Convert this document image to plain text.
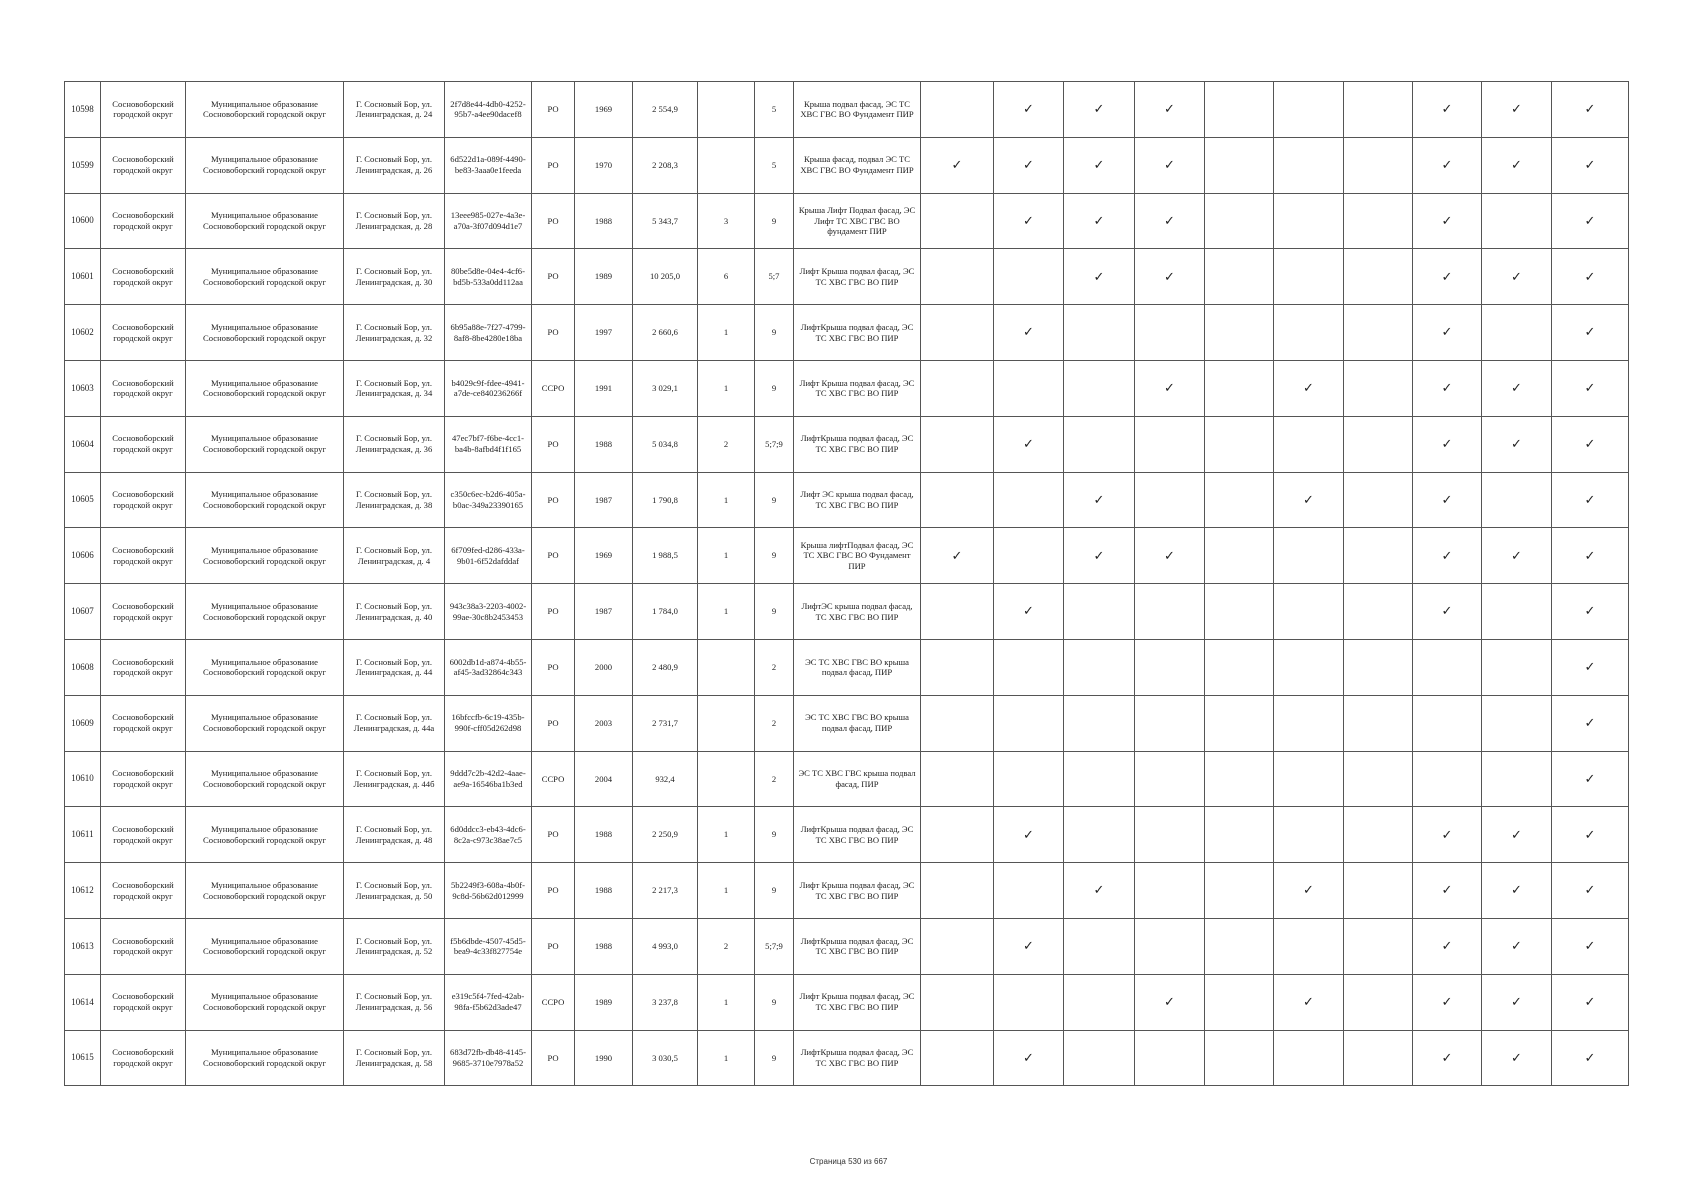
10598	Сосновоборский городской округ	Муниципальное образование Сосновоборский городской округ	Г. Сосновый Бор, ул. Ленинградская, д. 24	2f7d8e44-4db0-4252-95b7-a4ee90dacef8	РО	1969	2 554,9		5	Крыша подвал фасад, ЭС ТС ХВС ГВС ВО Фундамент ПИР		✓	✓	✓				✓	✓	✓
10599	Сосновоборский городской округ	Муниципальное образование Сосновоборский городской округ	Г. Сосновый Бор, ул. Ленинградская, д. 26	6d522d1a-089f-4490-be83-3aaa0e1feeda	РО	1970	2 208,3		5	Крыша фасад, подвал ЭС ТС ХВС ГВС ВО Фундамент ПИР	✓	✓	✓	✓				✓	✓	✓
10600	Сосновоборский городской округ	Муниципальное образование Сосновоборский городской округ	Г. Сосновый Бор, ул. Ленинградская, д. 28	13eee985-027e-4a3e-a70a-3f07d094d1e7	РО	1988	5 343,7	3	9	Крыша Лифт Подвал фасад, ЭС Лифт ТС ХВС ГВС ВО фундамент ПИР		✓	✓	✓				✓		✓
10601	Сосновоборский городской округ	Муниципальное образование Сосновоборский городской округ	Г. Сосновый Бор, ул. Ленинградская, д. 30	80be5d8e-04e4-4cf6-bd5b-533a0dd112aa	РО	1989	10 205,0	6	5;7	Лифт Крыша подвал фасад, ЭС ТС ХВС ГВС ВО ПИР			✓	✓				✓	✓	✓
10602	Сосновоборский городской округ	Муниципальное образование Сосновоборский городской округ	Г. Сосновый Бор, ул. Ленинградская, д. 32	6b95a88e-7f27-4799-8af8-8be4280e18ba	РО	1997	2 660,6	1	9	ЛифтКрыша подвал фасад, ЭС ТС ХВС ГВС ВО ПИР		✓						✓		✓
10603	Сосновоборский городской округ	Муниципальное образование Сосновоборский городской округ	Г. Сосновый Бор, ул. Ленинградская, д. 34	b4029c9f-fdee-4941-a7de-ce840236266f	ССРО	1991	3 029,1	1	9	Лифт Крыша подвал фасад, ЭС ТС ХВС ГВС ВО ПИР				✓		✓		✓	✓	✓
10604	Сосновоборский городской округ	Муниципальное образование Сосновоборский городской округ	Г. Сосновый Бор, ул. Ленинградская, д. 36	47ec7bf7-f6be-4cc1-ba4b-8afbd4f1f165	РО	1988	5 034,8	2	5;7;9	ЛифтКрыша подвал фасад, ЭС ТС ХВС ГВС ВО ПИР		✓						✓	✓	✓
10605	Сосновоборский городской округ	Муниципальное образование Сосновоборский городской округ	Г. Сосновый Бор, ул. Ленинградская, д. 38	c350c6ec-b2d6-405a-b0ac-349a23390165	РО	1987	1 790,8	1	9	Лифт ЭС крыша подвал фасад, ТС ХВС ГВС ВО ПИР			✓			✓		✓		✓
10606	Сосновоборский городской округ	Муниципальное образование Сосновоборский городской округ	Г. Сосновый Бор, ул. Ленинградская, д. 4	6f709fed-d286-433a-9b01-6f52dafddaf	РО	1969	1 988,5	1	9	Крыша лифтПодвал фасад, ЭС ТС ХВС ГВС ВО Фундамент ПИР	✓		✓	✓				✓	✓	✓
10607	Сосновоборский городской округ	Муниципальное образование Сосновоборский городской округ	Г. Сосновый Бор, ул. Ленинградская, д. 40	943c38a3-2203-4002-99ae-30c8b2453453	РО	1987	1 784,0	1	9	ЛифтЭС крыша подвал фасад, ТС ХВС ГВС ВО ПИР		✓						✓		✓
10608	Сосновоборский городской округ	Муниципальное образование Сосновоборский городской округ	Г. Сосновый Бор, ул. Ленинградская, д. 44	6002db1d-a874-4b55-af45-3ad32864c343	РО	2000	2 480,9		2	ЭС ТС ХВС ГВС ВО крыша подвал фасад, ПИР										✓
10609	Сосновоборский городской округ	Муниципальное образование Сосновоборский городской округ	Г. Сосновый Бор, ул. Ленинградская, д. 44а	16bfccfb-6c19-435b-990f-cff05d262d98	РО	2003	2 731,7		2	ЭС ТС ХВС ГВС ВО крыша подвал фасад, ПИР										✓
10610	Сосновоборский городской округ	Муниципальное образование Сосновоборский городской округ	Г. Сосновый Бор, ул. Ленинградская, д. 44б	9ddd7c2b-42d2-4aae-ae9a-16546ba1b3ed	ССРО	2004	932,4		2	ЭС ТС ХВС ГВС крыша подвал фасад, ПИР										✓
10611	Сосновоборский городской округ	Муниципальное образование Сосновоборский городской округ	Г. Сосновый Бор, ул. Ленинградская, д. 48	6d0ddcc3-eb43-4dc6-8c2a-c973c38ae7c5	РО	1988	2 250,9	1	9	ЛифтКрыша подвал фасад, ЭС ТС ХВС ГВС ВО ПИР		✓						✓	✓	✓
10612	Сосновоборский городской округ	Муниципальное образование Сосновоборский городской округ	Г. Сосновый Бор, ул. Ленинградская, д. 50	5b2249f3-608a-4b0f-9c8d-56b62d012999	РО	1988	2 217,3	1	9	Лифт Крыша подвал фасад, ЭС ТС ХВС ГВС ВО ПИР			✓			✓		✓	✓	✓
10613	Сосновоборский городской округ	Муниципальное образование Сосновоборский городской округ	Г. Сосновый Бор, ул. Ленинградская, д. 52	f5b6dbde-4507-45d5-bea9-4c33f827754e	РО	1988	4 993,0	2	5;7;9	ЛифтКрыша подвал фасад, ЭС ТС ХВС ГВС ВО ПИР		✓						✓	✓	✓
10614	Сосновоборский городской округ	Муниципальное образование Сосновоборский городской округ	Г. Сосновый Бор, ул. Ленинградская, д. 56	e319c5f4-7fed-42ab-98fa-f5b62d3ade47	ССРО	1989	3 237,8	1	9	Лифт Крыша подвал фасад, ЭС ТС ХВС ГВС ВО ПИР				✓		✓		✓	✓	✓
10615	Сосновоборский городской округ	Муниципальное образование Сосновоборский городской округ	Г. Сосновый Бор, ул. Ленинградская, д. 58	683d72fb-db48-4145-9685-3710e7978a52	РО	1990	3 030,5	1	9	ЛифтКрыша подвал фасад, ЭС ТС ХВС ГВС ВО ПИР		✓						✓	✓	✓
Страница 530 из 667
